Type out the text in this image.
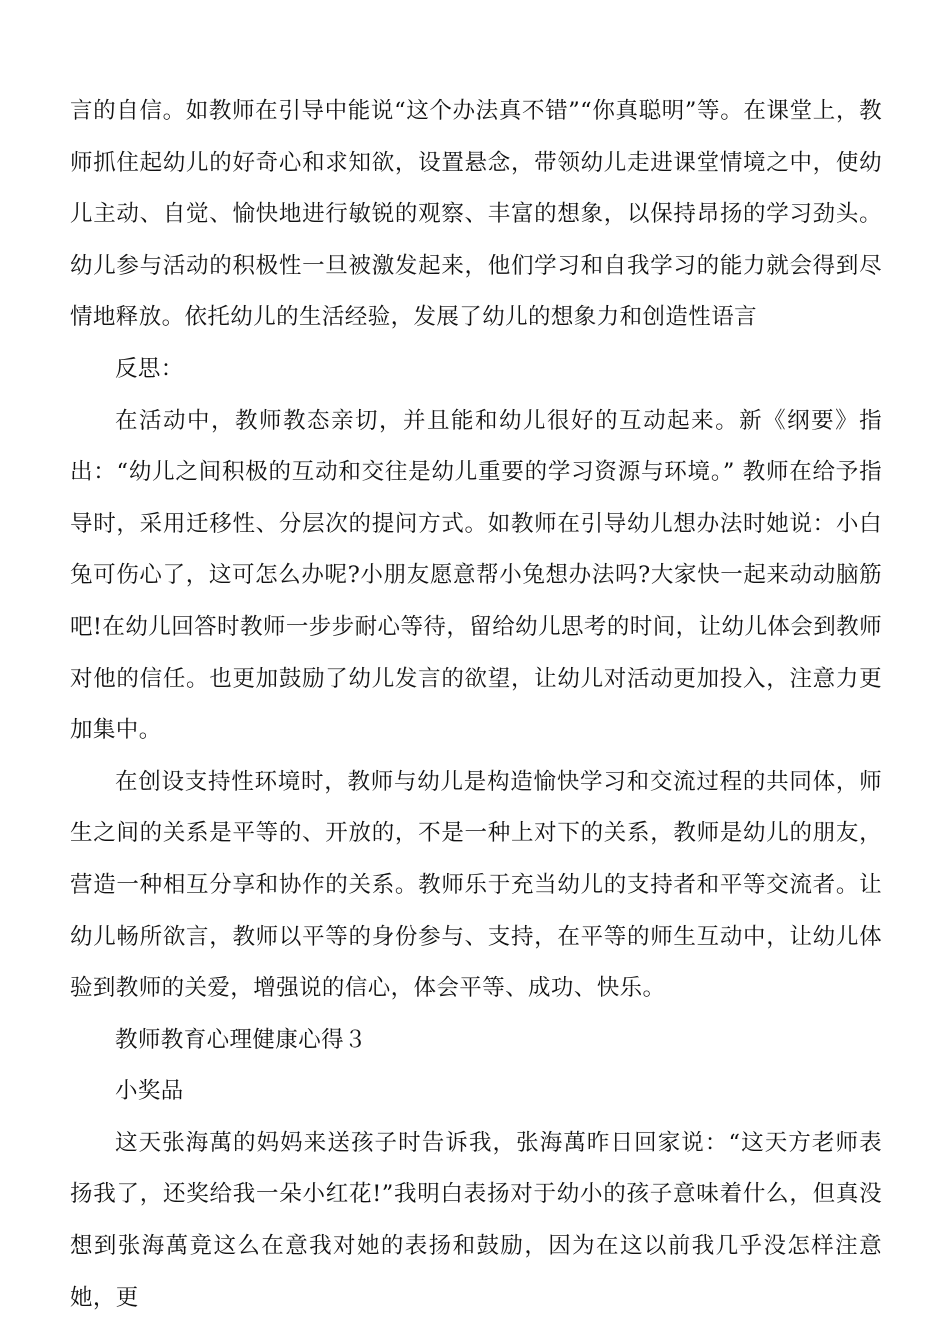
言的自信。如教师在引导中能说“这个办法真不错”“你真聪明”等。在课堂上，教师抓住起幼儿的好奇心和求知欲，设置悬念，带领幼儿走进课堂情境之中，使幼儿主动、自觉、愉快地进行敏锐的观察、丰富的想象，以保持昂扬的学习劲头。幼儿参与活动的积极性一旦被激发起来，他们学习和自我学习的能力就会得到尽情地释放。依托幼儿的生活经验，发展了幼儿的想象力和创造性语言

反思：

在活动中，教师教态亲切，并且能和幼儿很好的互动起来。新《纲要》指出：“幼儿之间积极的互动和交往是幼儿重要的学习资源与环境。” 教师在给予指导时，采用迁移性、分层次的提问方式。如教师在引导幼儿想办法时她说：小白兔可伤心了，这可怎么办呢?小朋友愿意帮小兔想办法吗?大家快一起来动动脑筋吧!在幼儿回答时教师一步步耐心等待，留给幼儿思考的时间，让幼儿体会到教师对他的信任。也更加鼓励了幼儿发言的欲望，让幼儿对活动更加投入，注意力更加集中。

在创设支持性环境时，教师与幼儿是构造愉快学习和交流过程的共同体，师生之间的关系是平等的、开放的，不是一种上对下的关系，教师是幼儿的朋友，营造一种相互分享和协作的关系。教师乐于充当幼儿的支持者和平等交流者。让幼儿畅所欲言，教师以平等的身份参与、支持，在平等的师生互动中，让幼儿体验到教师的关爱，增强说的信心，体会平等、成功、快乐。

教师教育心理健康心得３

小奖品

这天张海萬的妈妈来送孩子时告诉我，张海萬昨日回家说：“这天方老师表扬我了，还奖给我一朵小红花!”我明白表扬对于幼小的孩子意味着什么，但真没想到张海萬竟这么在意我对她的表扬和鼓励，因为在这以前我几乎没怎样注意她，更
